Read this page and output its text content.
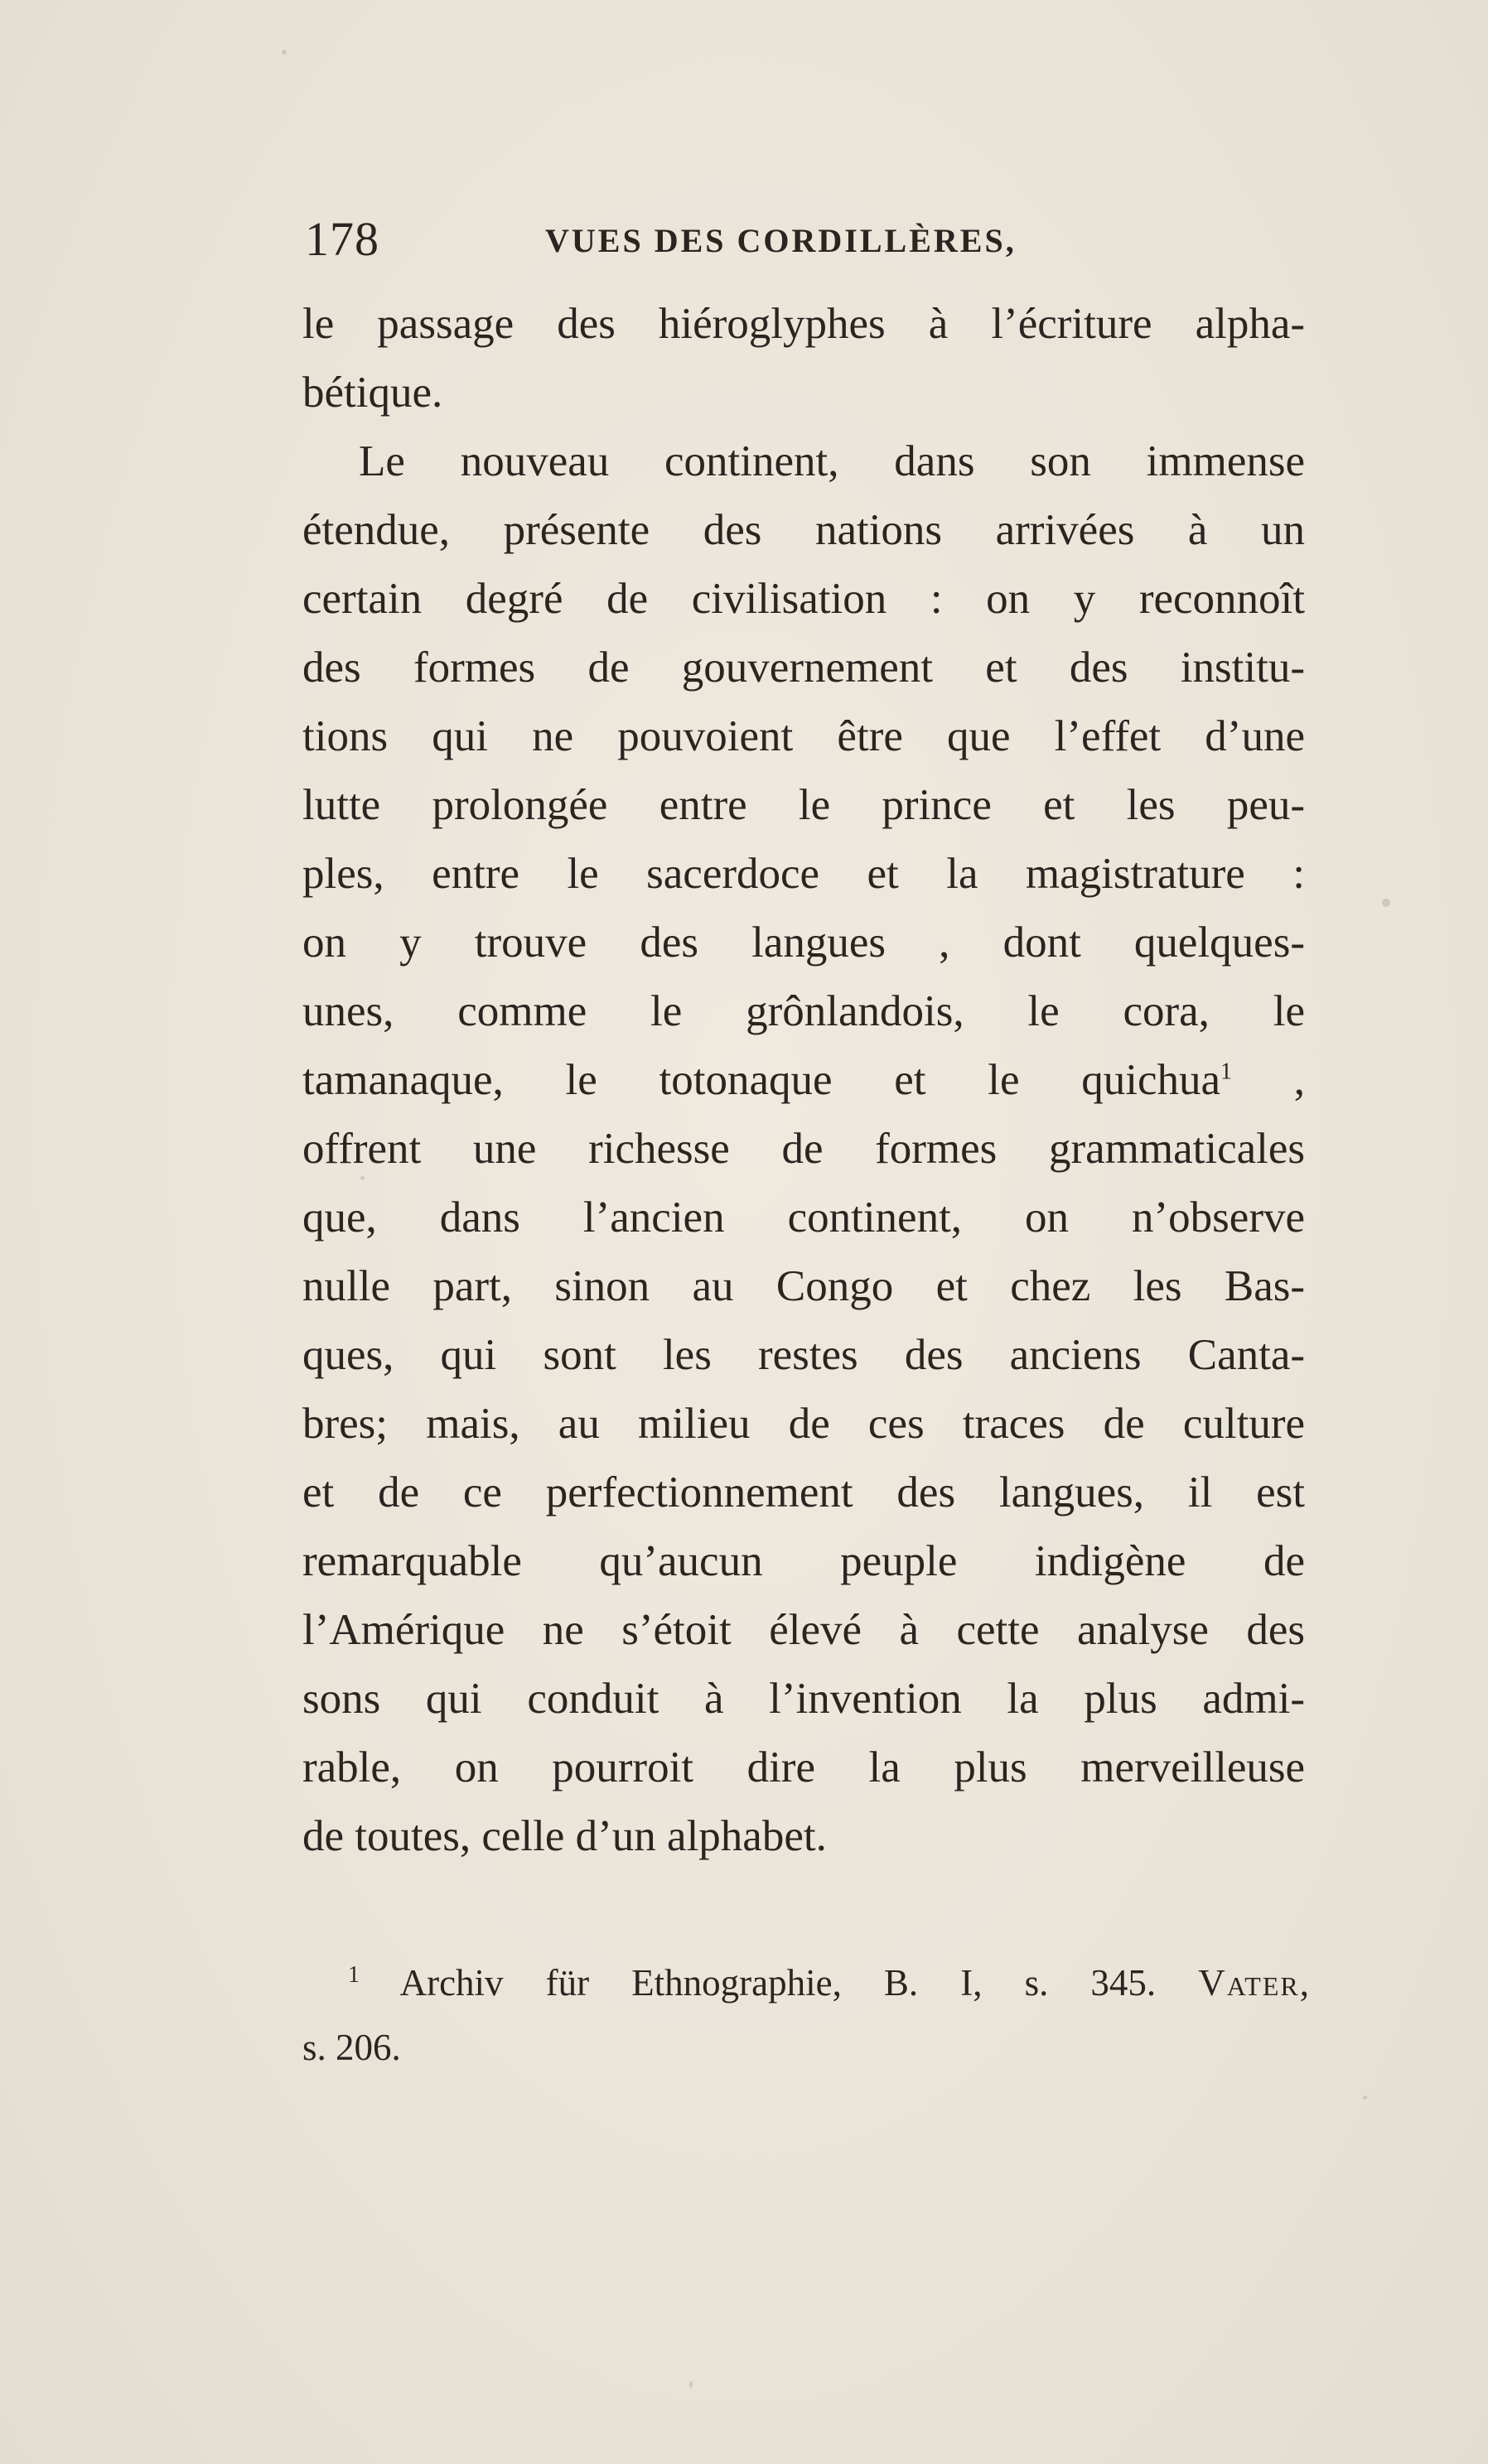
178	VUES DES CORDILLÈRES,
le passage des hiéroglyphes à l’écriture alpha-
bétique.
Le nouveau continent, dans son immense
étendue, présente des nations arrivées à un
certain degré de civilisation : on y reconnoît
des formes de gouvernement et des institu-
tions qui ne pouvoient être que l’effet d’une
lutte prolongée entre le prince et les peu-
ples, entre le sacerdoce et la magistrature :
on y trouve des langues , dont quelques-
unes, comme le grônlandois, le cora, le
tamanaque, le totonaque et le quichua$^1$ ,
offrent une richesse de formes grammaticales
que, dans l’ancien continent, on n’observe
nulle part, sinon au Congo et chez les Bas-
ques, qui sont les restes des anciens Canta-
bres; mais, au milieu de ces traces de culture
et de ce perfectionnement des langues, il est
remarquable qu’aucun peuple indigène de
l’Amérique ne s’étoit élevé à cette analyse des
sons qui conduit à l’invention la plus admi-
rable, on pourroit dire la plus merveilleuse
de toutes, celle d’un alphabet.
$^1$ Archiv für Ethnographie, B. I, s. 345. Vater,
s. 206.
